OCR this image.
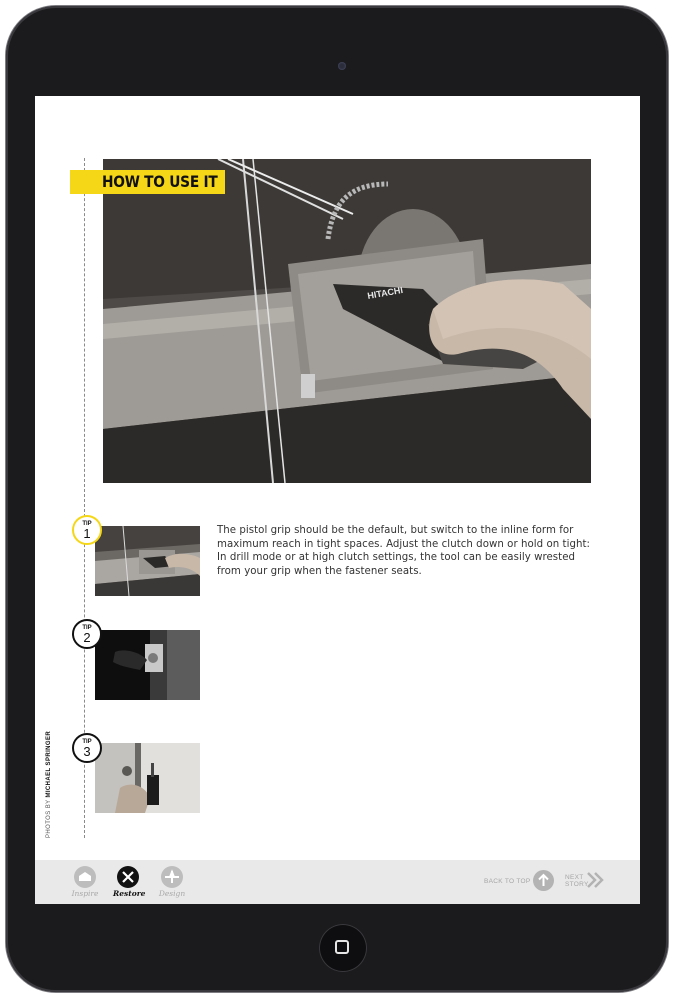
HITACHI
HOW TO USE IT
TIP
1	The pistol grip should be the default, but switch to the inline form for maximum reach in tight spaces. Adjust the clutch down or hold on tight: In drill mode or at high clutch settings, the tool can be easily wrested from your grip when the fastener seats.
TIP
2
TIP
3
PHOTOS BY MICHAEL SPRINGER
Inspire Restore Design
BACK TO TOP
NEXT
STORY
